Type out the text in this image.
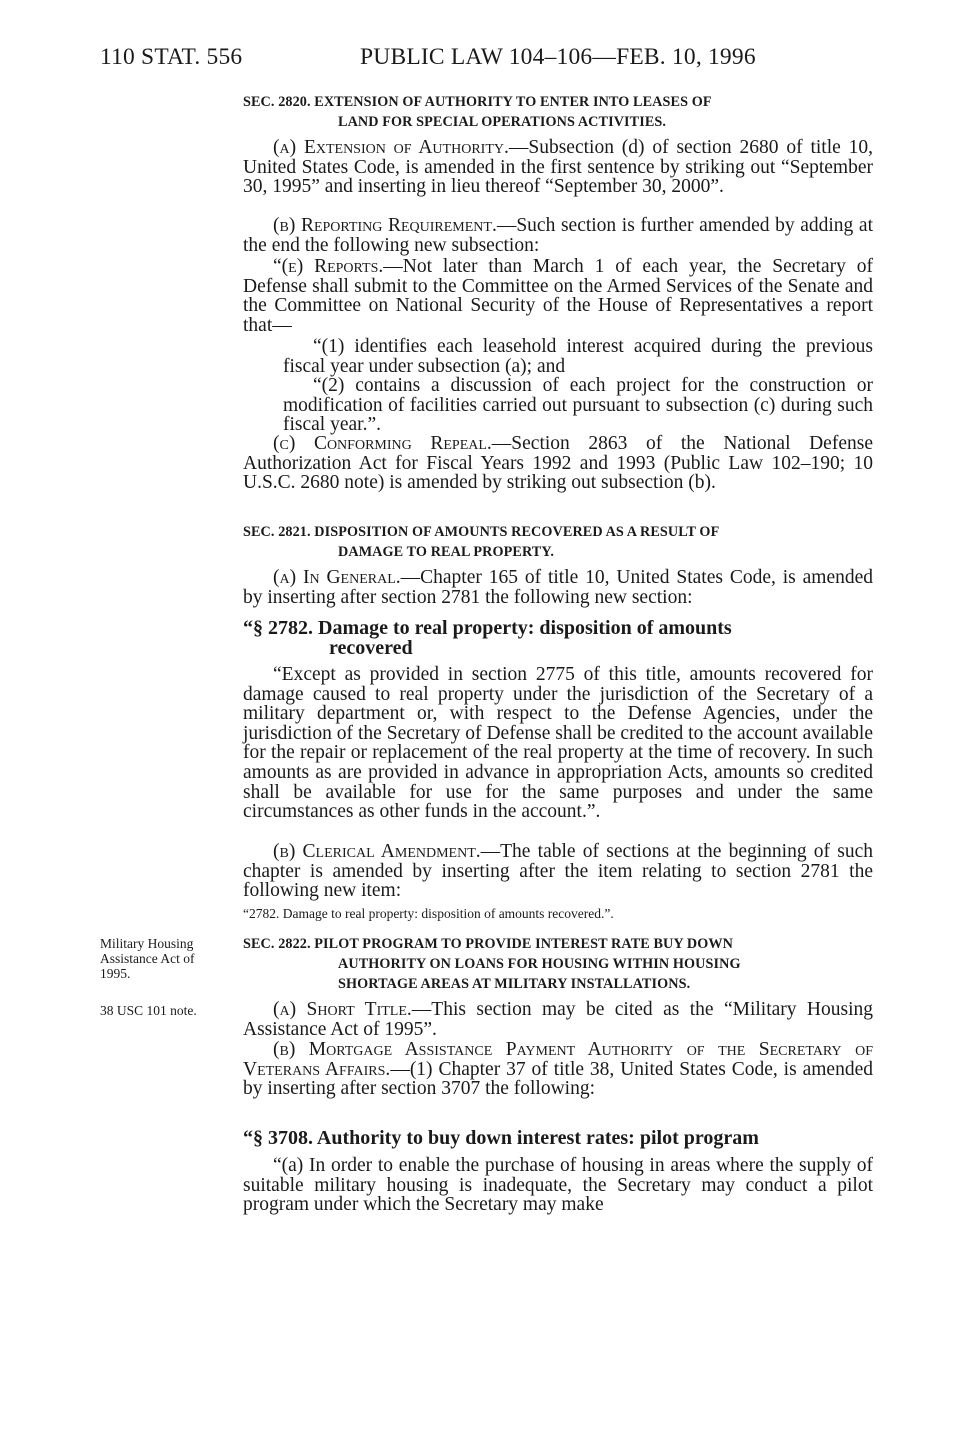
110 STAT. 556	PUBLIC LAW 104–106—FEB. 10, 1996
Military Housing
Assistance Act of
1995.
38 USC 101 note.
SEC. 2820. EXTENSION OF AUTHORITY TO ENTER INTO LEASES OF
LAND FOR SPECIAL OPERATIONS ACTIVITIES.

(a) Extension of Authority.—Subsection (d) of section 2680 of title 10, United States Code, is amended in the first sentence by striking out “September 30, 1995” and inserting in lieu thereof “September 30, 2000”.

(b) Reporting Requirement.—Such section is further amended by adding at the end the following new subsection:

“(e) Reports.—Not later than March 1 of each year, the Secretary of Defense shall submit to the Committee on the Armed Services of the Senate and the Committee on National Security of the House of Representatives a report that—

“(1) identifies each leasehold interest acquired during the previous fiscal year under subsection (a); and

“(2) contains a discussion of each project for the construction or modification of facilities carried out pursuant to subsection (c) during such fiscal year.”.

(c) Conforming Repeal.—Section 2863 of the National Defense Authorization Act for Fiscal Years 1992 and 1993 (Public Law 102–190; 10 U.S.C. 2680 note) is amended by striking out subsection (b).

SEC. 2821. DISPOSITION OF AMOUNTS RECOVERED AS A RESULT OF
DAMAGE TO REAL PROPERTY.

(a) In General.—Chapter 165 of title 10, United States Code, is amended by inserting after section 2781 the following new section:

“§ 2782. Damage to real property: disposition of amounts
recovered

“Except as provided in section 2775 of this title, amounts recovered for damage caused to real property under the jurisdiction of the Secretary of a military department or, with respect to the Defense Agencies, under the jurisdiction of the Secretary of Defense shall be credited to the account available for the repair or replacement of the real property at the time of recovery. In such amounts as are provided in advance in appropriation Acts, amounts so credited shall be available for use for the same purposes and under the same circumstances as other funds in the account.”.

(b) Clerical Amendment.—The table of sections at the beginning of such chapter is amended by inserting after the item relating to section 2781 the following new item:

“2782. Damage to real property: disposition of amounts recovered.”.
SEC. 2822. PILOT PROGRAM TO PROVIDE INTEREST RATE BUY DOWN
AUTHORITY ON LOANS FOR HOUSING WITHIN HOUSING
SHORTAGE AREAS AT MILITARY INSTALLATIONS.

(a) Short Title.—This section may be cited as the “Military Housing Assistance Act of 1995”.

(b) Mortgage Assistance Payment Authority of the Secretary of Veterans Affairs.—(1) Chapter 37 of title 38, United States Code, is amended by inserting after section 3707 the following:

“§ 3708. Authority to buy down interest rates: pilot program

“(a) In order to enable the purchase of housing in areas where the supply of suitable military housing is inadequate, the Secretary may conduct a pilot program under which the Secretary may make
